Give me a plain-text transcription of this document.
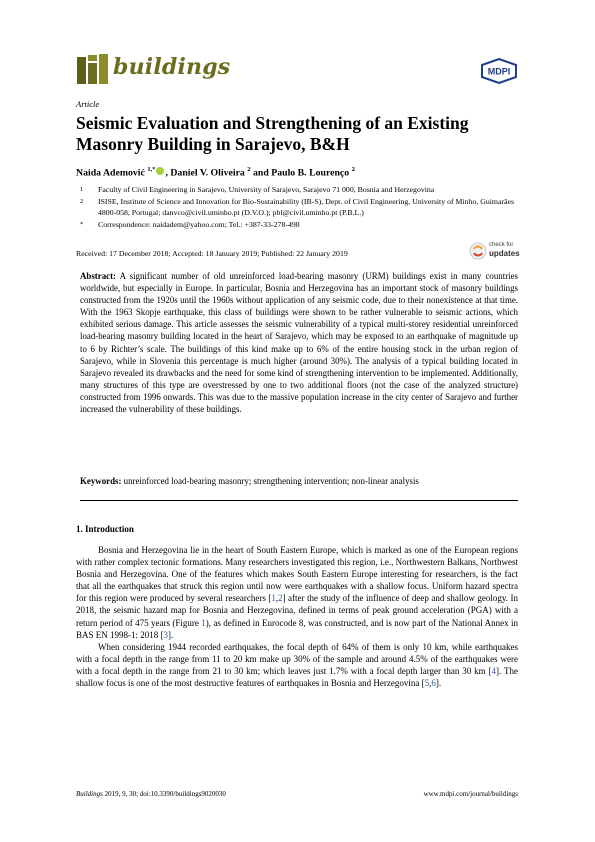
buildings	MDPI
Article
Seismic Evaluation and Strengthening of an Existing Masonry Building in Sarajevo, B&H
Naida Ademović $^{1,*}$ , Daniel V. Oliveira $^2$ and Paulo B. Lourenço $^2$
1 Faculty of Civil Engineering in Sarajevo, University of Sarajevo, Sarajevo 71 000, Bosnia and Herzegovina
2 ISISE, Institute of Science and Innovation for Bio-Sustainability (IB-S), Dept. of Civil Engineering, University of Minho, Guimarães 4800-058, Portugal; danvco@civil.uminho.pt (D.V.O.); pbl@civil.uminho.pt (P.B.L.)
* Correspondence: naidadem@yahoo.com; Tel.: +387-33-278-498
Received: 17 December 2018; Accepted: 18 January 2019; Published: 22 January 2019
check for
updates
Abstract: A significant number of old unreinforced load-bearing masonry (URM) buildings exist in many countries worldwide, but especially in Europe. In particular, Bosnia and Herzegovina has an important stock of masonry buildings constructed from the 1920s until the 1960s without application of any seismic code, due to their nonexistence at that time. With the 1963 Skopje earthquake, this class of buildings were shown to be rather vulnerable to seismic actions, which exhibited serious damage. This article assesses the seismic vulnerability of a typical multi-storey residential unreinforced load-bearing masonry building located in the heart of Sarajevo, which may be exposed to an earthquake of magnitude up to 6 by Richter’s scale. The buildings of this kind make up to 6% of the entire housing stock in the urban region of Sarajevo, while in Slovenia this percentage is much higher (around 30%). The analysis of a typical building located in Sarajevo revealed its drawbacks and the need for some kind of strengthening intervention to be implemented. Additionally, many structures of this type are overstressed by one to two additional floors (not the case of the analyzed structure) constructed from 1996 onwards. This was due to the massive population increase in the city center of Sarajevo and further increased the vulnerability of these buildings.
Keywords: unreinforced load-bearing masonry; strengthening intervention; non-linear analysis
1. Introduction

Bosnia and Herzegovina lie in the heart of South Eastern Europe, which is marked as one of the European regions with rather complex tectonic formations. Many researchers investigated this region, i.e., Northwestern Balkans, Northwest Bosnia and Herzegovina. One of the features which makes South Eastern Europe interesting for researchers, is the fact that all the earthquakes that struck this region until now were earthquakes with a shallow focus. Uniform hazard spectra for this region were produced by several researchers [1,2] after the study of the influence of deep and shallow geology. In 2018, the seismic hazard map for Bosnia and Herzegovina, defined in terms of peak ground acceleration (PGA) with a return period of 475 years (Figure 1), as defined in Eurocode 8, was constructed, and is now part of the National Annex in BAS EN 1998-1: 2018 [3].

When considering 1944 recorded earthquakes, the focal depth of 64% of them is only 10 km, while earthquakes with a focal depth in the range from 11 to 20 km make up 30% of the sample and around 4.5% of the earthquakes were with a focal depth in the range from 21 to 30 km; which leaves just 1.7% with a focal depth larger than 30 km [4]. The shallow focus is one of the most destructive features of earthquakes in Bosnia and Herzegovina [5,6].

Buildings 2019, 9, 30; doi:10.3390/buildings9020030	www.mdpi.com/journal/buildings
